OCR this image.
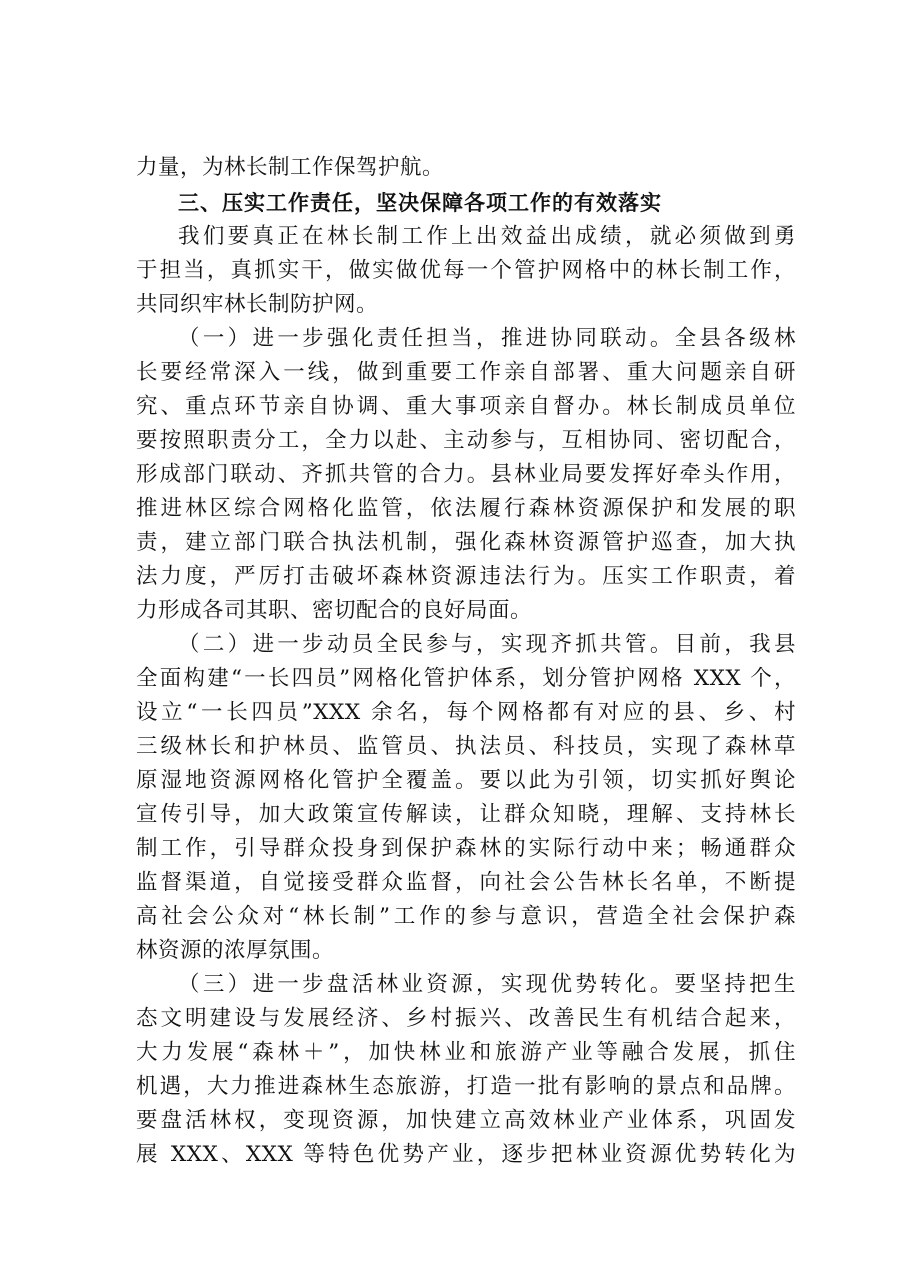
力量，为林长制工作保驾护航。
三、压实工作责任，坚决保障各项工作的有效落实
我们要真正在林长制工作上出效益出成绩，就必须做到勇
于担当，真抓实干，做实做优每一个管护网格中的林长制工作，
共同织牢林长制防护网。
（一）进一步强化责任担当，推进协同联动。全县各级林
长要经常深入一线，做到重要工作亲自部署、重大问题亲自研
究、重点环节亲自协调、重大事项亲自督办。林长制成员单位
要按照职责分工，全力以赴、主动参与，互相协同、密切配合，
形成部门联动、齐抓共管的合力。县林业局要发挥好牵头作用，
推进林区综合网格化监管，依法履行森林资源保护和发展的职
责，建立部门联合执法机制，强化森林资源管护巡查，加大执
法力度，严厉打击破坏森林资源违法行为。压实工作职责，着
力形成各司其职、密切配合的良好局面。
（二）进一步动员全民参与，实现齐抓共管。目前，我县
全面构建“一长四员”网格化管护体系，划分管护网格 XXX 个，
设立“一长四员”XXX 余名，每个网格都有对应的县、乡、村
三级林长和护林员、监管员、执法员、科技员，实现了森林草
原湿地资源网格化管护全覆盖。要以此为引领，切实抓好舆论
宣传引导，加大政策宣传解读，让群众知晓，理解、支持林长
制工作，引导群众投身到保护森林的实际行动中来；畅通群众
监督渠道，自觉接受群众监督，向社会公告林长名单，不断提
高社会公众对“林长制”工作的参与意识，营造全社会保护森
林资源的浓厚氛围。
（三）进一步盘活林业资源，实现优势转化。要坚持把生
态文明建设与发展经济、乡村振兴、改善民生有机结合起来，
大力发展“森林＋”，加快林业和旅游产业等融合发展，抓住
机遇，大力推进森林生态旅游，打造一批有影响的景点和品牌。
要盘活林权，变现资源，加快建立高效林业产业体系，巩固发
展 XXX、XXX 等特色优势产业，逐步把林业资源优势转化为
